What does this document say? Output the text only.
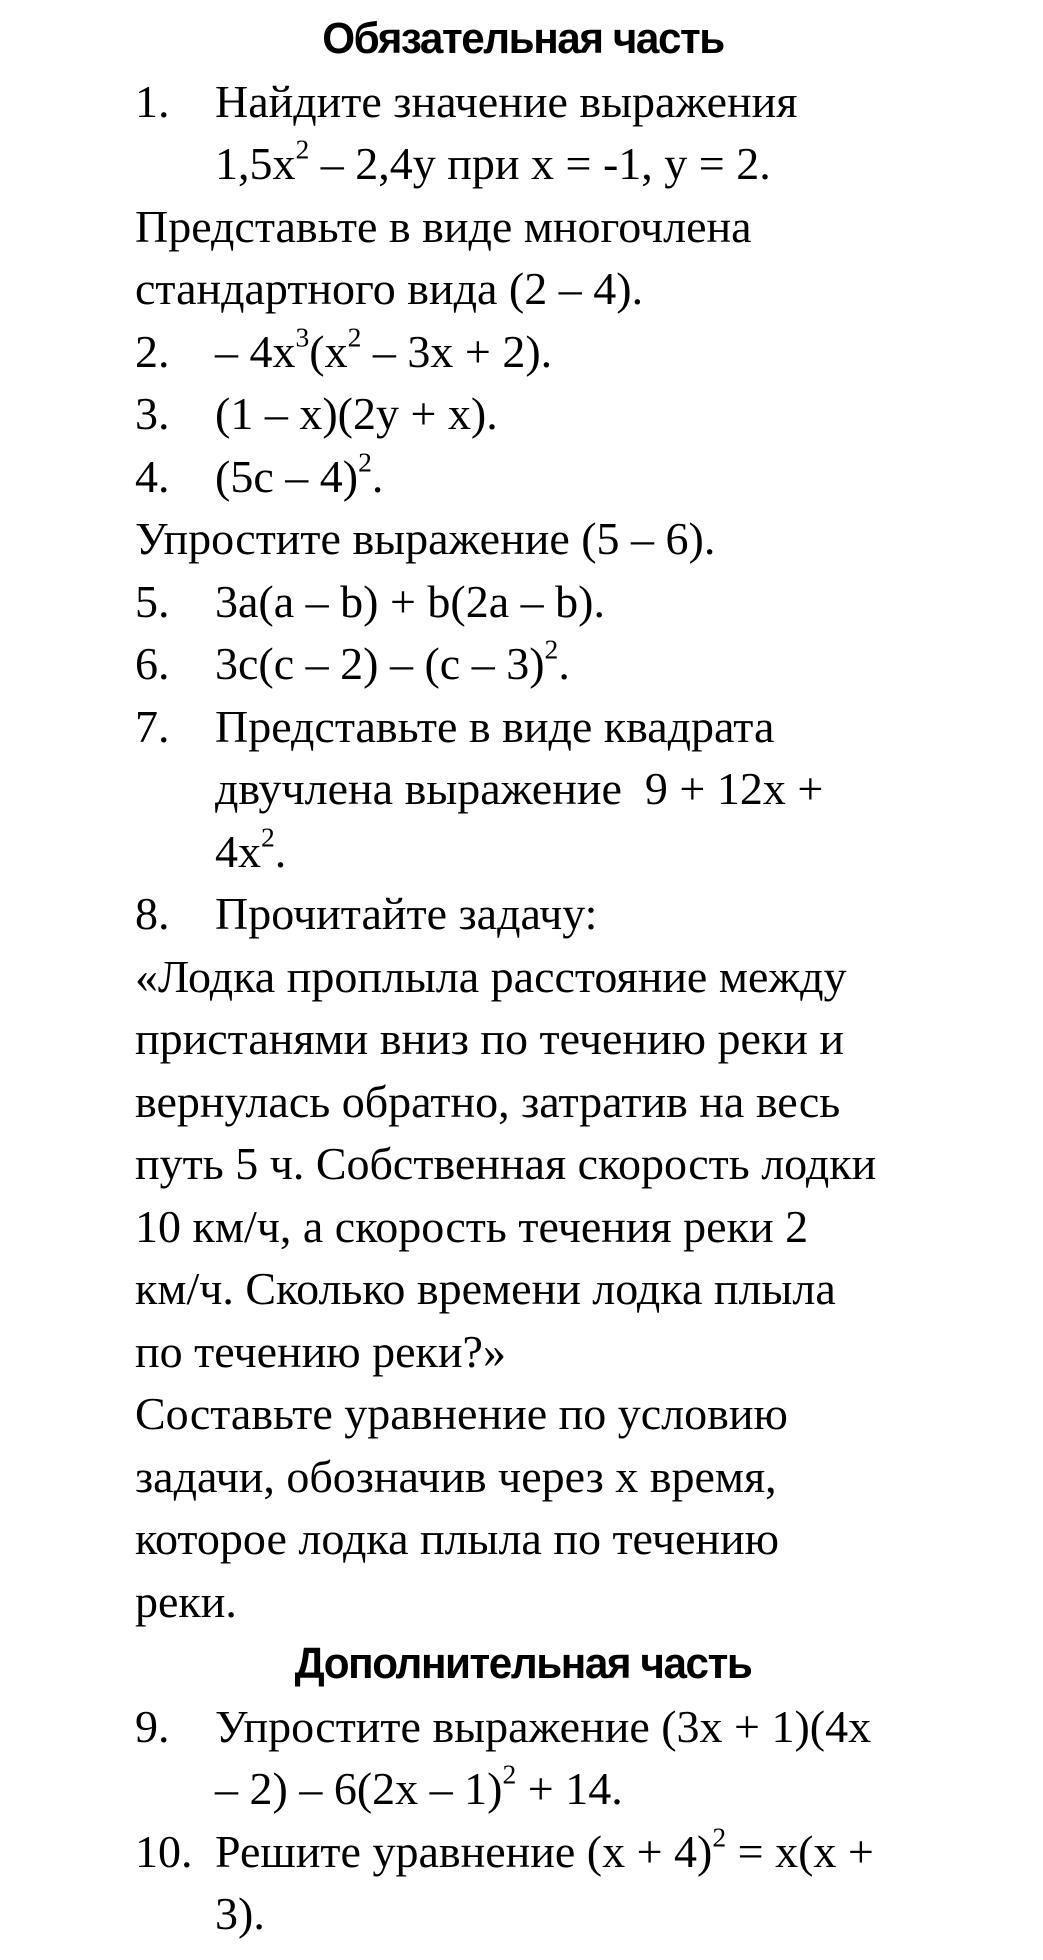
Обязательная часть
1. Найдите значение выражения
$1,5x^2 - 2,4y$ при x = -1, y = 2.
Представьте в виде многочлена
стандартного вида (2 – 4).
2. – $4x^3(x^2 - 3x + 2)$.
3. (1 – x)(2y + x).
4. (5c – 4)$^2$.
Упростите выражение (5 – 6).
5. 3a(a – b) + b(2a – b).
6. 3c(c – 2) – (c – 3)$^2$.
7. Представьте в виде квадрата
двучлена выражение  9 + 12x +
$4x^2$.
8. Прочитайте задачу:
«Лодка проплыла расстояние между
пристанями вниз по течению реки и
вернулась обратно, затратив на весь
путь 5 ч. Собственная скорость лодки
10 км/ч, а скорость течения реки 2
км/ч. Сколько времени лодка плыла
по течению реки?»
Составьте уравнение по условию
задачи, обозначив через x время,
которое лодка плыла по течению
реки.
Дополнительная часть
9. Упростите выражение (3x + 1)(4x
– 2) – 6(2x – 1)$^2$ + 14.
10. Решите уравнение $(x + 4)^2 = x(x$ +
3).
